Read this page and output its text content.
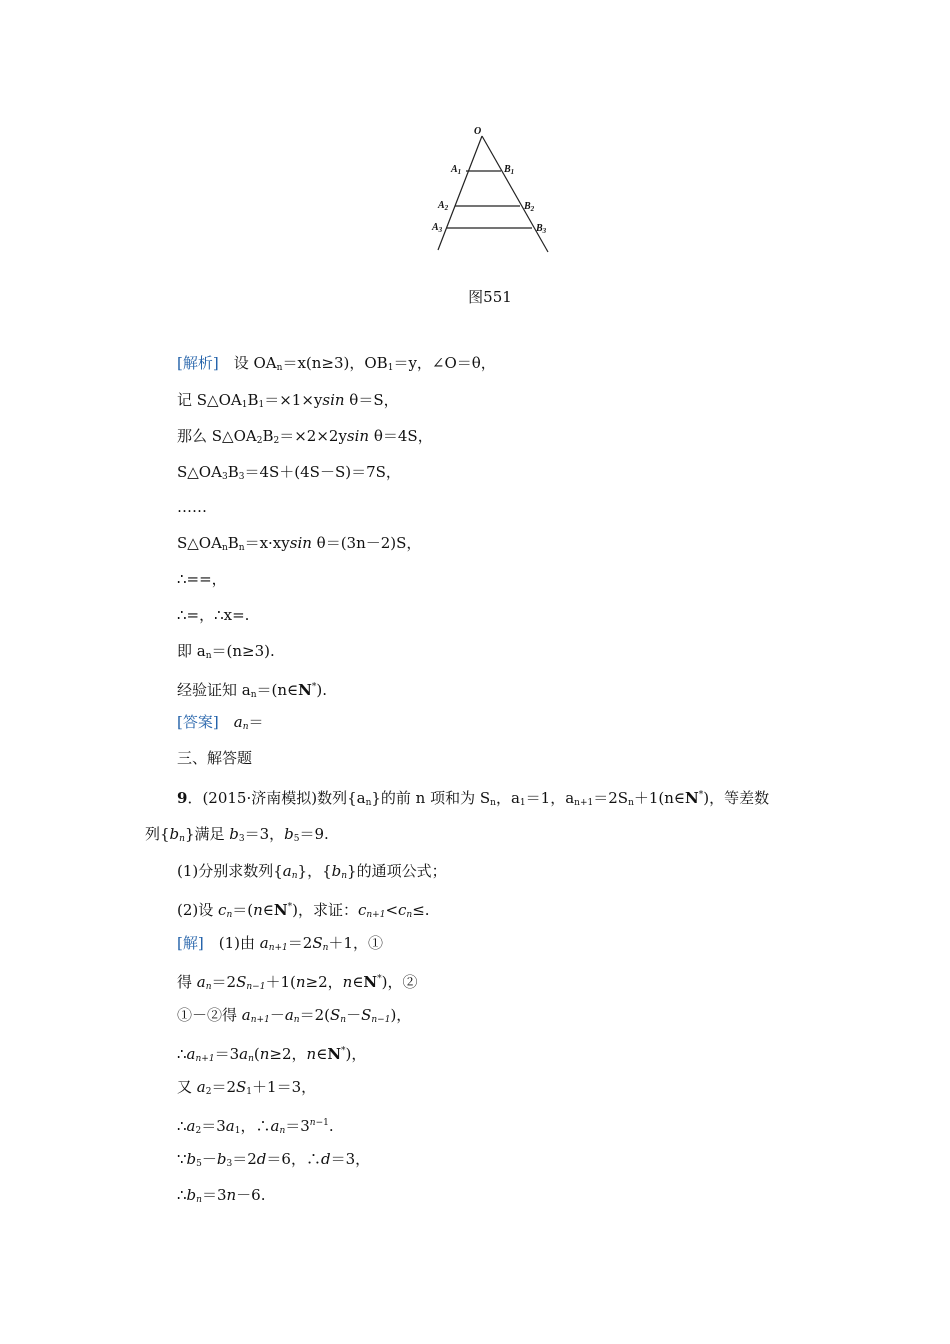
O
$A_1$	$B_1$
$A_2$	$B_2$
$A_3$	$B_3$
图551
[解析]　 设 $OA_n=x(n\ge 3)$，$OB_1=y$，∠O＝θ，
记 $S\triangle OA_1B_1=\times 1\times ysin$ θ＝S，
那么 $S\triangle OA_2B_2=\times 2\times 2ysin$ θ＝4S，
$S\triangle OA_3B_3=4S+(4S-S)=7S$，
……
$S\triangle OA_nB_n=x\cdot xysin$ θ＝(3n－2)S，
∴==，
∴=，∴x=.
即 $a_n=(n\ge 3)$.
经验证知 $a_n=(n\in N^*)$.
[答案]　 $a_n=$
三、解答题
9．(2015·济南模拟)数列$\{a_n\}$的前 n 项和为 $S_n$，$a_1=1$，$a_{n+1}=2S_n+1(n\in N^*)$，等差数
列$\{b_n\}$满足 $b_3=3$，$b_5=9$.
(1)分别求数列$\{a_n\}$，$\{b_n\}$的通项公式；
(2)设 $c_n=(n\in N^*)$，求证：$c_{n+1}<c_n\le$.
[解]　 (1)由 $a_{n+1}=2S_n+1$，①
得 $a_n=2S_{n-1}+1(n\ge 2$，n∈N*)，②
①－②得 $a_{n+1}-a_n=2(S_n-S_{n-1})$，
$\therefore a_{n+1}=3a_n(n\ge 2$，n∈N*)，
又 $a_2=2S_1+1=3$，
$\therefore a_2=3a_1$，$\therefore a_n=3^{n-1}$.
$\because b_5-b_3=2d=6$，∴d＝3，
$\therefore b_n=3n-6$.
